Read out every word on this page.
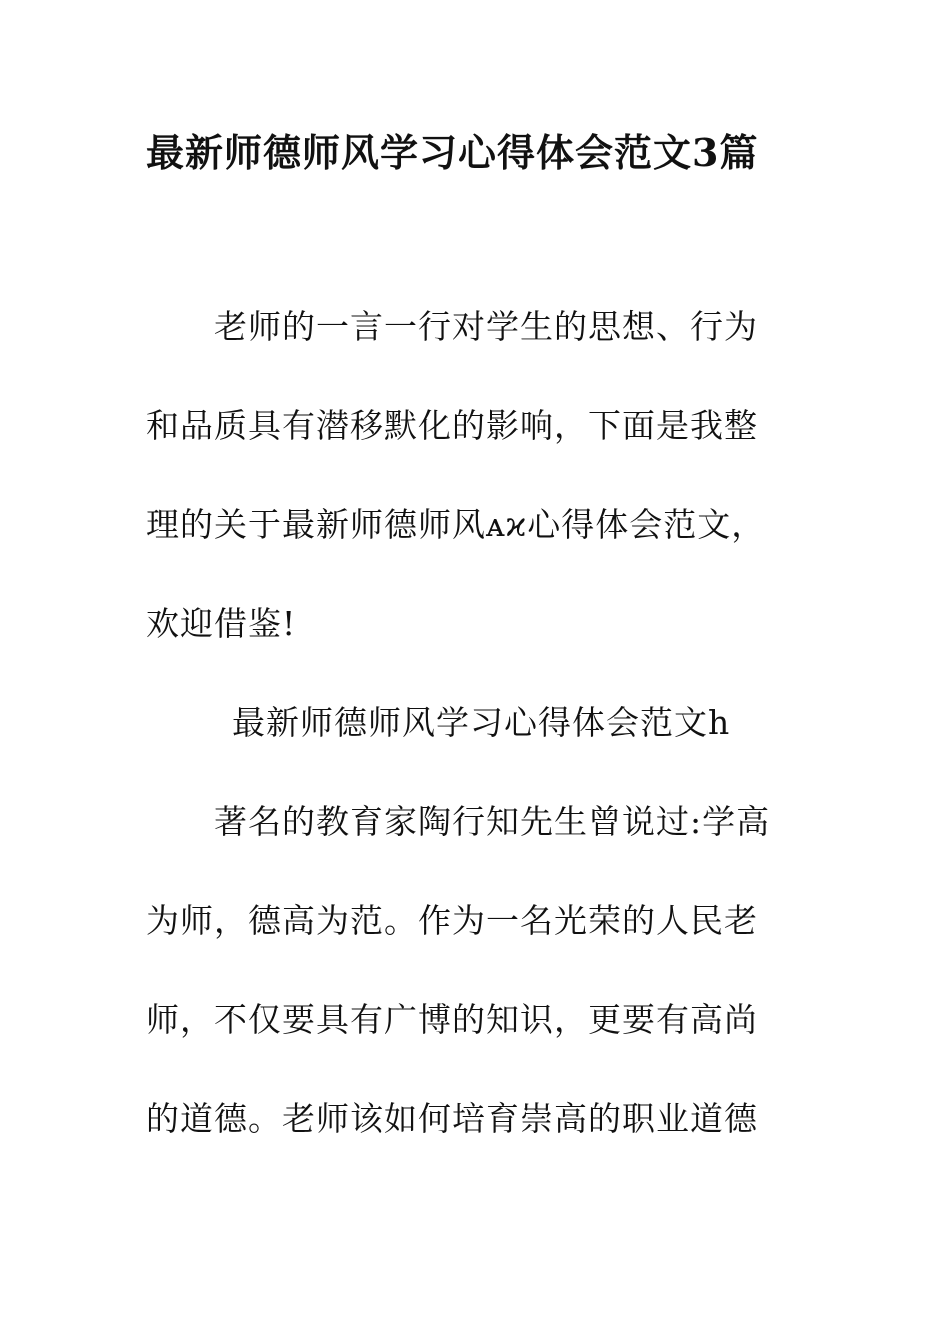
最新师德师风学习心得体会范文3篇
老师的一言一行对学生的思想、行为
和品质具有潜移默化的影响，下面是我整
理的关于最新师德师风ᴀϰ心得体会范文，
欢迎借鉴!
最新师德师风学习心得体会范文h
著名的教育家陶行知先生曾说过:学高
为师，德高为范。作为一名光荣的人民老
师，不仅要具有广博的知识，更要有高尚
的道德。老师该如何培育崇高的职业道德
